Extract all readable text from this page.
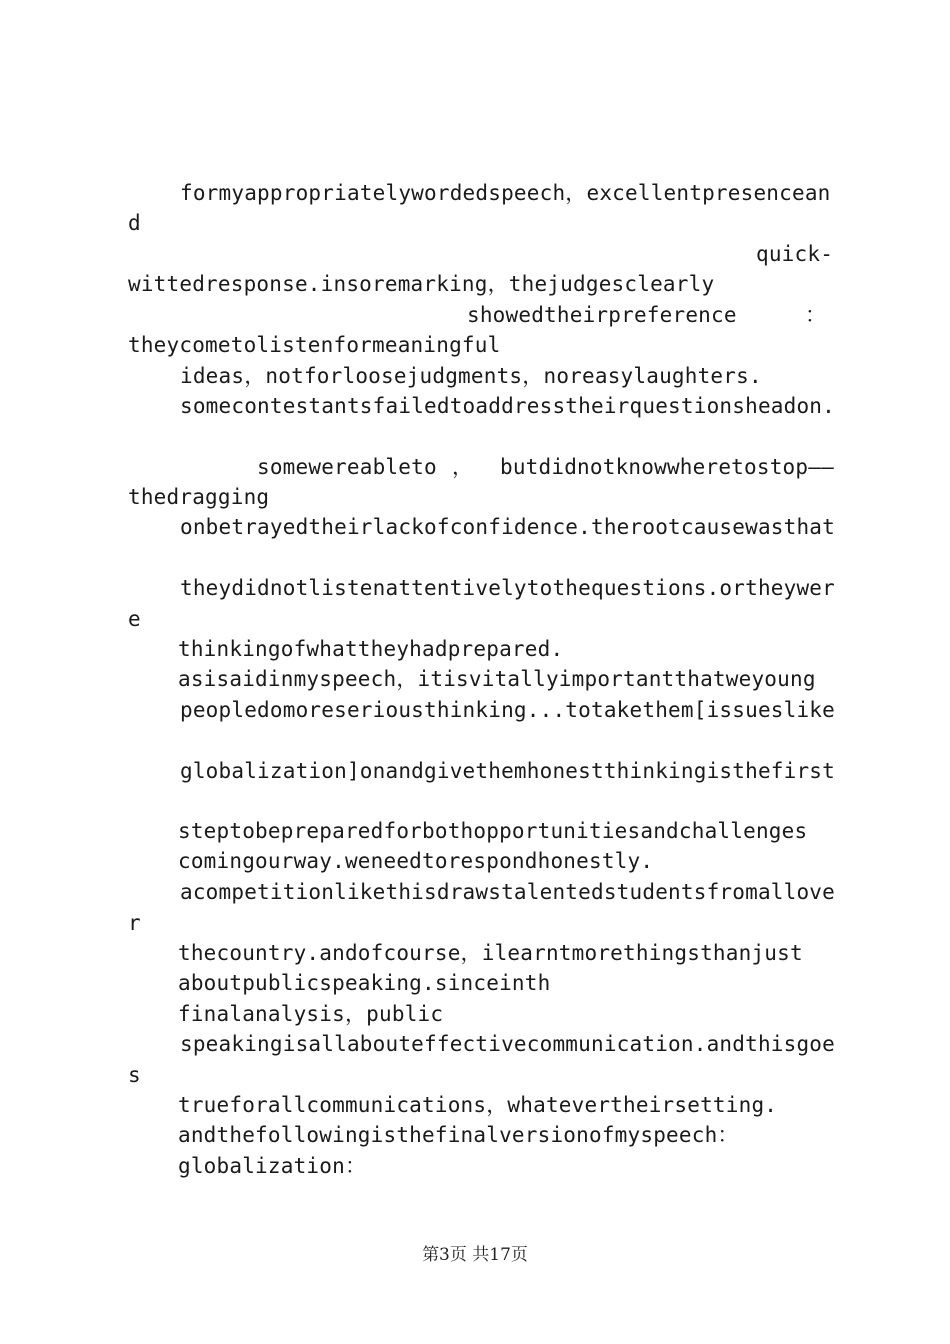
formyappropriatelywordedspeech，excellentpresencean
d
quick-
wittedresponse.insoremarking，thejudgesclearly
showedtheirpreference	：
theycometolistenformeaningful
ideas，notforloosejudgments，noreasylaughters.
somecontestantsfailedtoaddresstheirquestionsheadon.
somewereableto ， butdidnotknowwheretostop——
thedragging
onbetrayedtheirlackofconfidence.therootcausewasthat
theydidnotlistenattentivelytothequestions.ortheywer
e
thinkingofwhattheyhadprepared.
asisaidinmyspeech，itisvitallyimportantthatweyoung
peopledomoreseriousthinking...totakethem[issueslike
globalization]onandgivethemhonestthinkingisthefirst
steptobepreparedforbothopportunitiesandchallenges
comingourway.weneedtorespondhonestly.
acompetitionlikethisdrawstalentedstudentsfromallove
r
thecountry.andofcourse，ilearntmorethingsthanjust
aboutpublicspeaking.sinceinth
finalanalysis，public
speakingisallabouteffectivecommunication.andthisgoe
s
trueforallcommunications，whatevertheirsetting.
andthefollowingisthefinalversionofmyspeech：
globalization：
第3页 共17页
